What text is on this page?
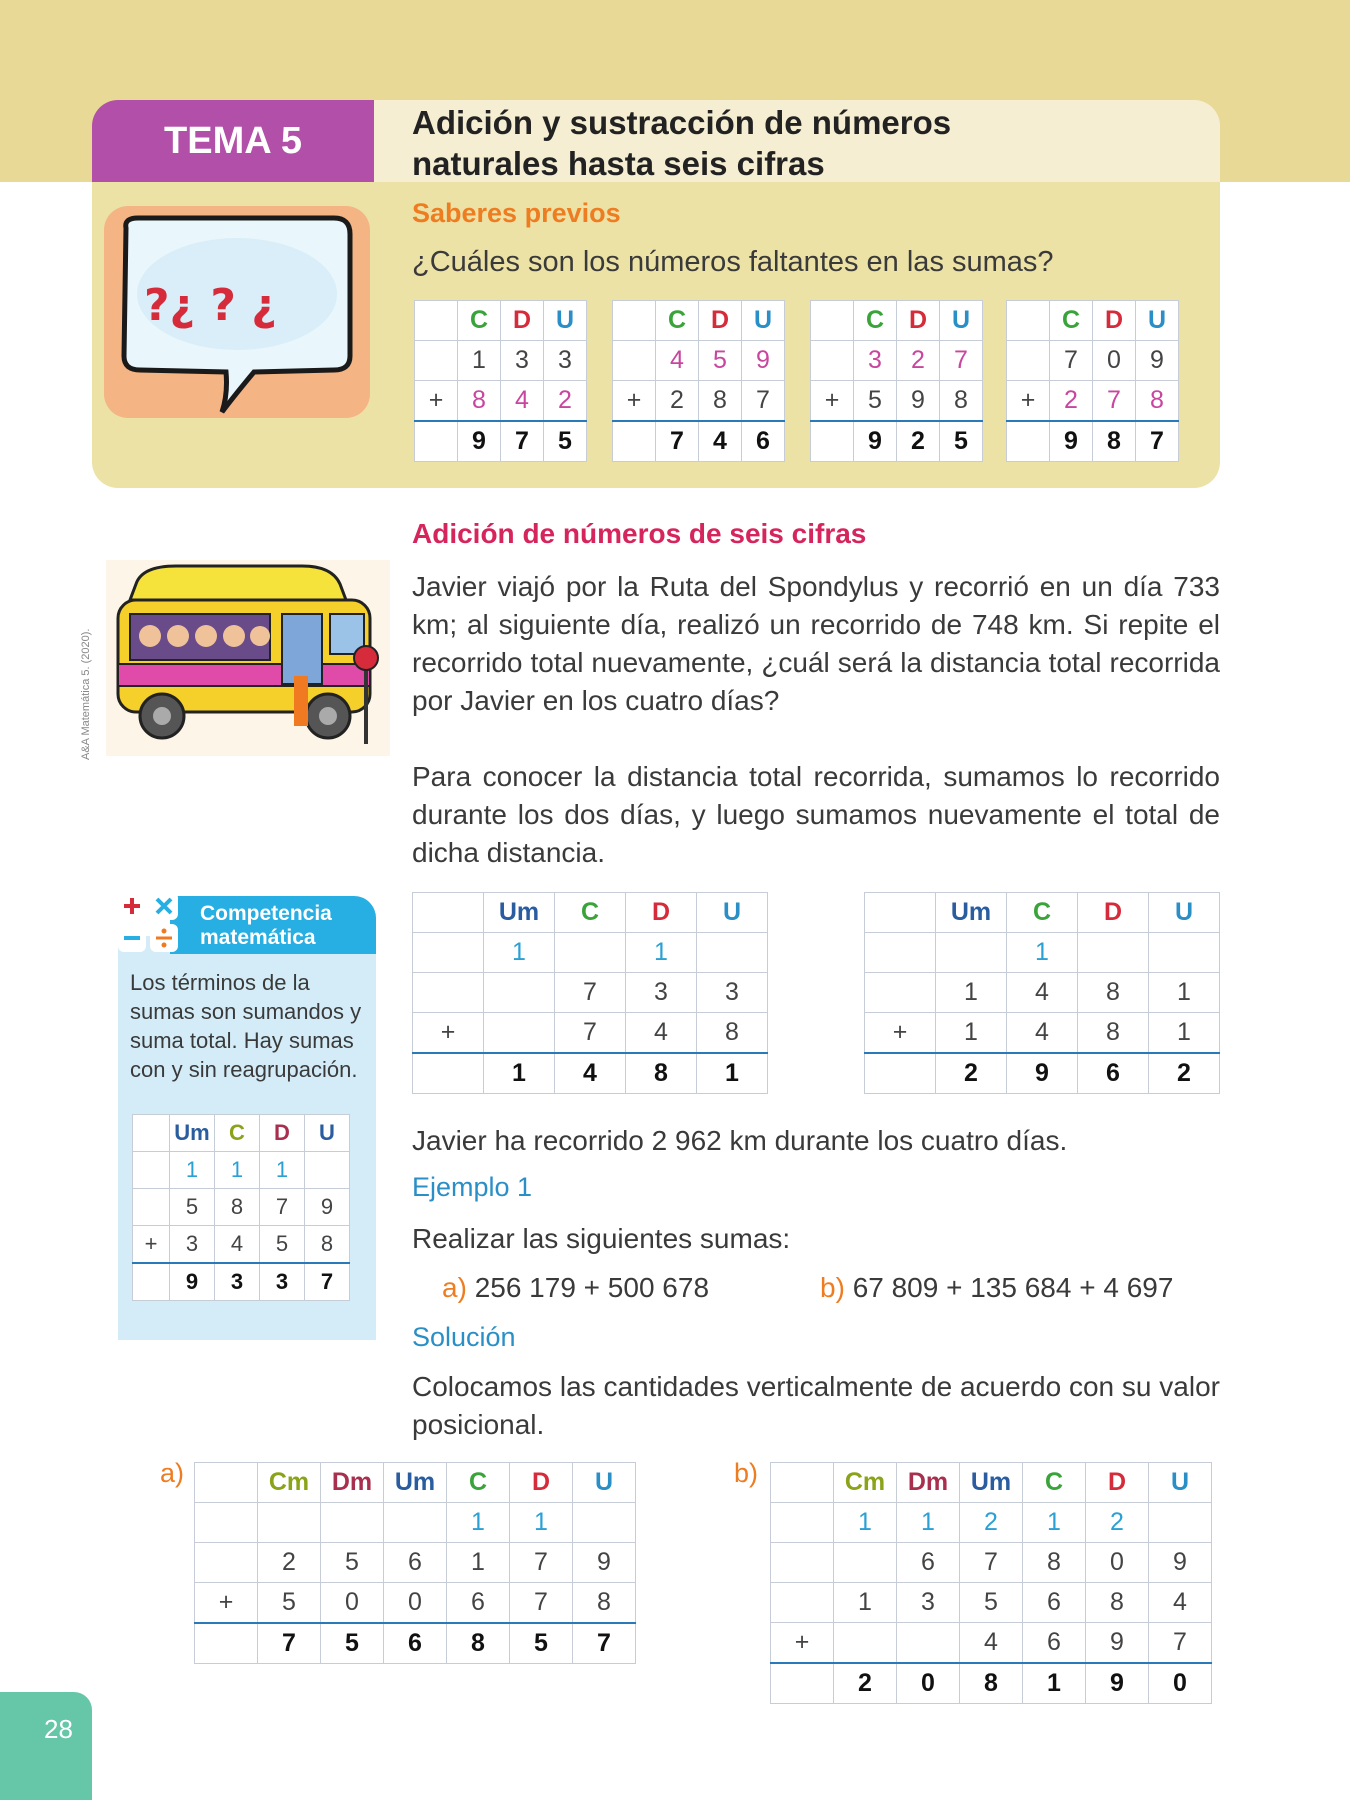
TEMA 5	Adición y sustracción de números
naturales hasta seis cifras
?¿ ? ¿
Saberes previos
¿Cuáles son los números faltantes en las sumas?
	C	D	U
	1	3	3
+	8	4	2
	9	7	5
	C	D	U
	4	5	9
+	2	8	7
	7	4	6
	C	D	U
	3	2	7
+	5	9	8
	9	2	5
	C	D	U
	7	0	9
+	2	7	8
	9	8	7
Adición de números de seis cifras
A&A Matemática 5. (2020).
Javier viajó por la Ruta del Spondylus y recorrió en un día 733 km; al siguiente día, realizó un recorrido de 748 km. Si repite el recorrido total nuevamente, ¿cuál será la distancia total recorrida por Javier en los cuatro días?
Para conocer la distancia total recorrida, sumamos lo recorrido durante los dos días, y luego sumamos nuevamente el total de dicha distancia.
	Um	C	D	U
	1		1	
		7	3	3
+		7	4	8
	1	4	8	1
	Um	C	D	U
		1		
	1	4	8	1
+	1	4	8	1
	2	9	6	2
Competencia
matemática
Los términos de la sumas son sumandos y suma total. Hay sumas con y sin reagrupación.
	Um	C	D	U
	1	1	1	
	5	8	7	9
+	3	4	5	8
	9	3	3	7
Javier ha recorrido 2 962 km durante los cuatro días.
Ejemplo 1
Realizar las siguientes sumas:
a) 256 179 + 500 678	b) 67 809 + 135 684 + 4 697
Solución
Colocamos las cantidades verticalmente de acuerdo con su valor posicional.
a)
		Cm	Dm	Um	C	D	U
				1	1	
	2	5	6	1	7	9
+	5	0	0	6	7	8
	7	5	6	8	5	7
b)
		Cm	Dm	Um	C	D	U
	1	1	2	1	2	
		6	7	8	0	9
	1	3	5	6	8	4
+			4	6	9	7
	2	0	8	1	9	0
28
